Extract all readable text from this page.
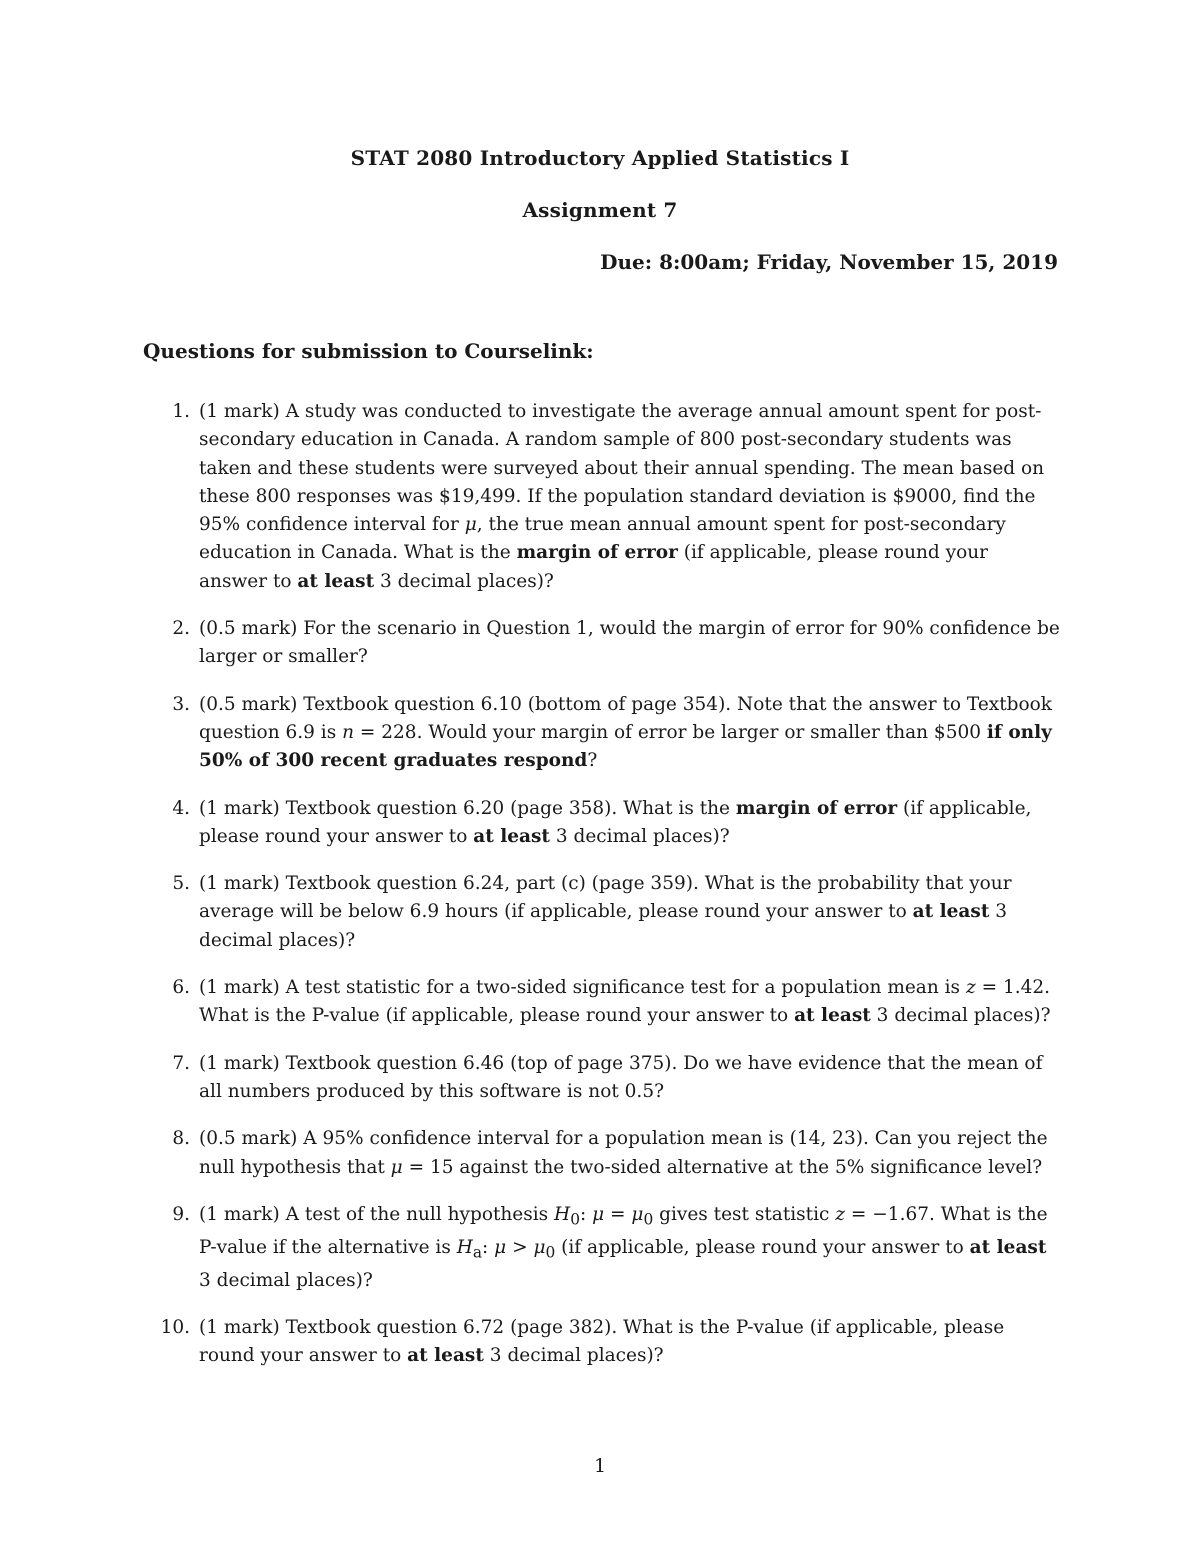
STAT 2080 Introductory Applied Statistics I
Assignment 7
Due: 8:00am; Friday, November 15, 2019
Questions for submission to Courselink:
1. (1 mark) A study was conducted to investigate the average annual amount spent for post-secondary education in Canada. A random sample of 800 post-secondary students was taken and these students were surveyed about their annual spending. The mean based on these 800 responses was $19,499. If the population standard deviation is $9000, find the 95% confidence interval for μ, the true mean annual amount spent for post-secondary education in Canada. What is the margin of error (if applicable, please round your answer to at least 3 decimal places)?
2. (0.5 mark) For the scenario in Question 1, would the margin of error for 90% confidence be larger or smaller?
3. (0.5 mark) Textbook question 6.10 (bottom of page 354). Note that the answer to Textbook question 6.9 is n = 228. Would your margin of error be larger or smaller than $500 if only 50% of 300 recent graduates respond?
4. (1 mark) Textbook question 6.20 (page 358). What is the margin of error (if applicable, please round your answer to at least 3 decimal places)?
5. (1 mark) Textbook question 6.24, part (c) (page 359). What is the probability that your average will be below 6.9 hours (if applicable, please round your answer to at least 3 decimal places)?
6. (1 mark) A test statistic for a two-sided significance test for a population mean is z = 1.42. What is the P-value (if applicable, please round your answer to at least 3 decimal places)?
7. (1 mark) Textbook question 6.46 (top of page 375). Do we have evidence that the mean of all numbers produced by this software is not 0.5?
8. (0.5 mark) A 95% confidence interval for a population mean is (14, 23). Can you reject the null hypothesis that μ = 15 against the two-sided alternative at the 5% significance level?
9. (1 mark) A test of the null hypothesis $H_0$: $\mu = \mu_0$ gives test statistic z = −1.67. What is the P-value if the alternative is $H_a$: $\mu > \mu_0$ (if applicable, please round your answer to at least 3 decimal places)?
10. (1 mark) Textbook question 6.72 (page 382). What is the P-value (if applicable, please round your answer to at least 3 decimal places)?
1
